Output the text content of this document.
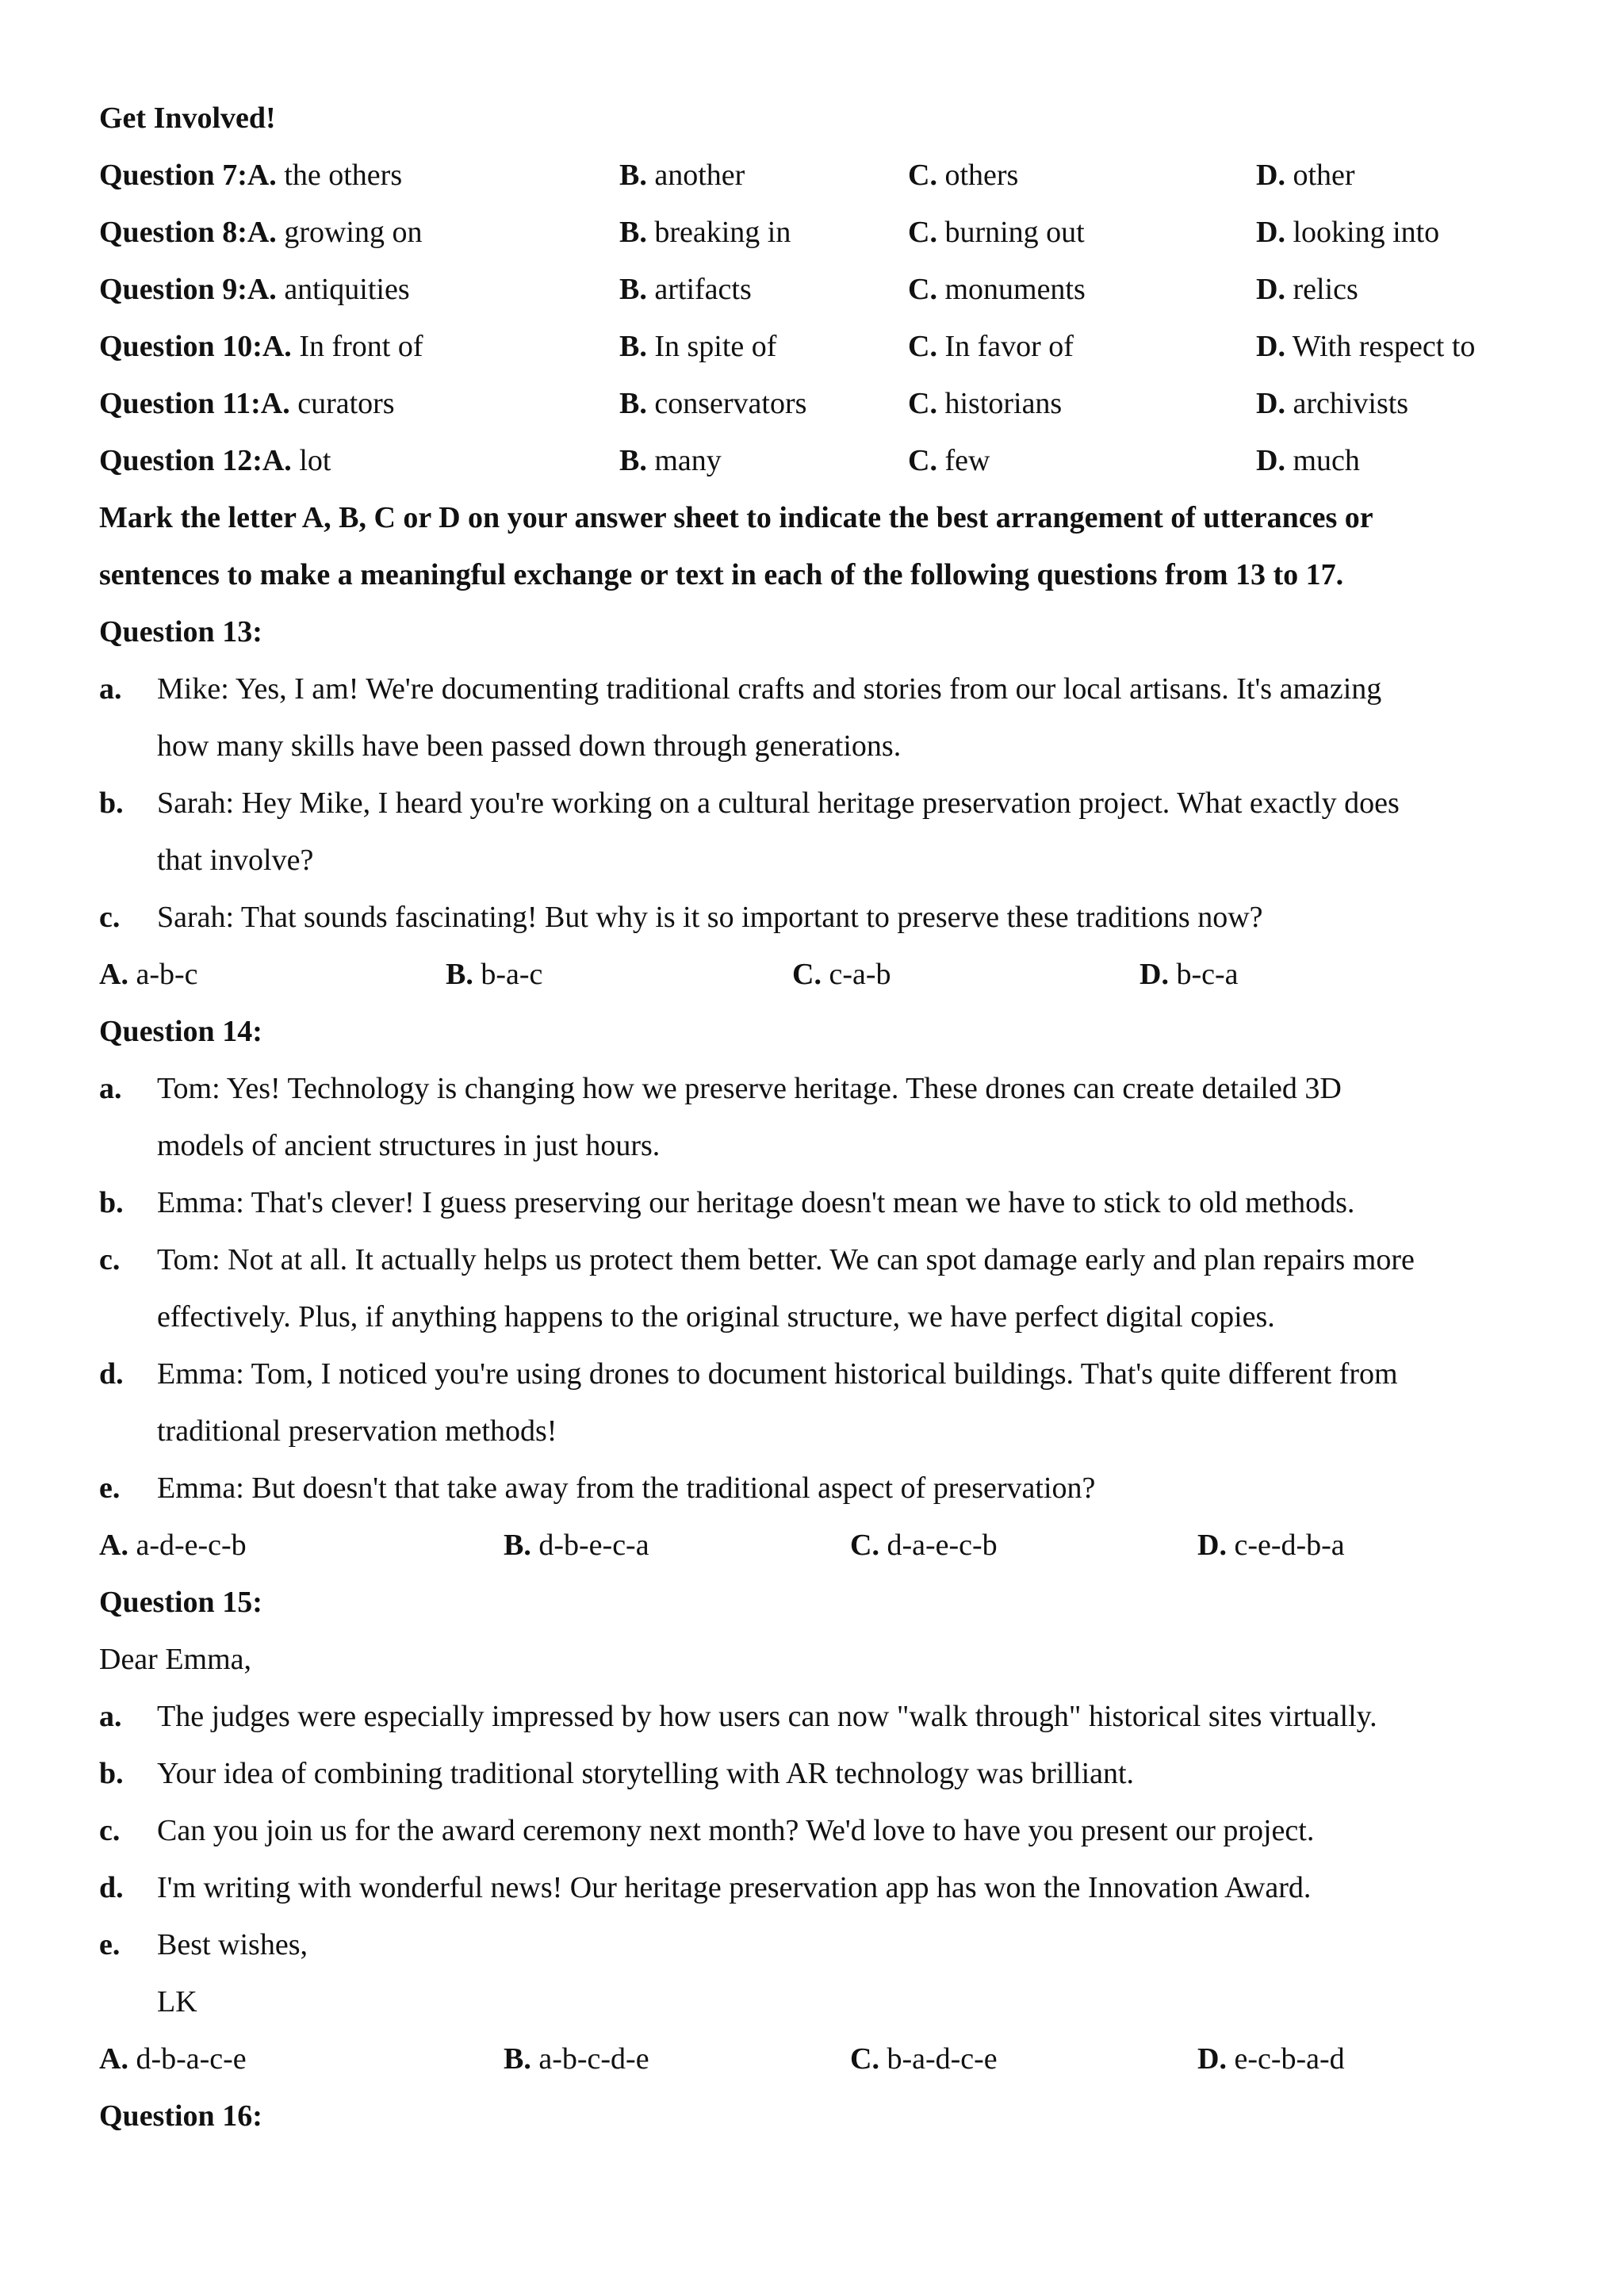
Get Involved!
Question 7:A. the others	B. another	C. others	D. other
Question 8:A. growing on	B. breaking in	C. burning out	D. looking into
Question 9:A. antiquities	B. artifacts	C. monuments	D. relics
Question 10:A. In front of	B. In spite of	C. In favor of	D. With respect to
Question 11:A. curators	B. conservators	C. historians	D. archivists
Question 12:A. lot	B. many	C. few	D. much
Mark the letter A, B, C or D on your answer sheet to indicate the best arrangement of utterances or
sentences to make a meaningful exchange or text in each of the following questions from 13 to 17.
Question 13:
a. Mike: Yes, I am! We're documenting traditional crafts and stories from our local artisans. It's amazing
how many skills have been passed down through generations.
b. Sarah: Hey Mike, I heard you're working on a cultural heritage preservation project. What exactly does
that involve?
c. Sarah: That sounds fascinating! But why is it so important to preserve these traditions now?
A. a-b-c	B. b-a-c	C. c-a-b	D. b-c-a
Question 14:
a. Tom: Yes! Technology is changing how we preserve heritage. These drones can create detailed 3D
models of ancient structures in just hours.
b. Emma: That's clever! I guess preserving our heritage doesn't mean we have to stick to old methods.
c. Tom: Not at all. It actually helps us protect them better. We can spot damage early and plan repairs more
effectively. Plus, if anything happens to the original structure, we have perfect digital copies.
d. Emma: Tom, I noticed you're using drones to document historical buildings. That's quite different from
traditional preservation methods!
e. Emma: But doesn't that take away from the traditional aspect of preservation?
A. a-d-e-c-b	B. d-b-e-c-a	C. d-a-e-c-b	D. c-e-d-b-a
Question 15:
Dear Emma,
a. The judges were especially impressed by how users can now "walk through" historical sites virtually.
b. Your idea of combining traditional storytelling with AR technology was brilliant.
c. Can you join us for the award ceremony next month? We'd love to have you present our project.
d. I'm writing with wonderful news! Our heritage preservation app has won the Innovation Award.
e. Best wishes,
LK
A. d-b-a-c-e	B. a-b-c-d-e	C. b-a-d-c-e	D. e-c-b-a-d
Question 16:
